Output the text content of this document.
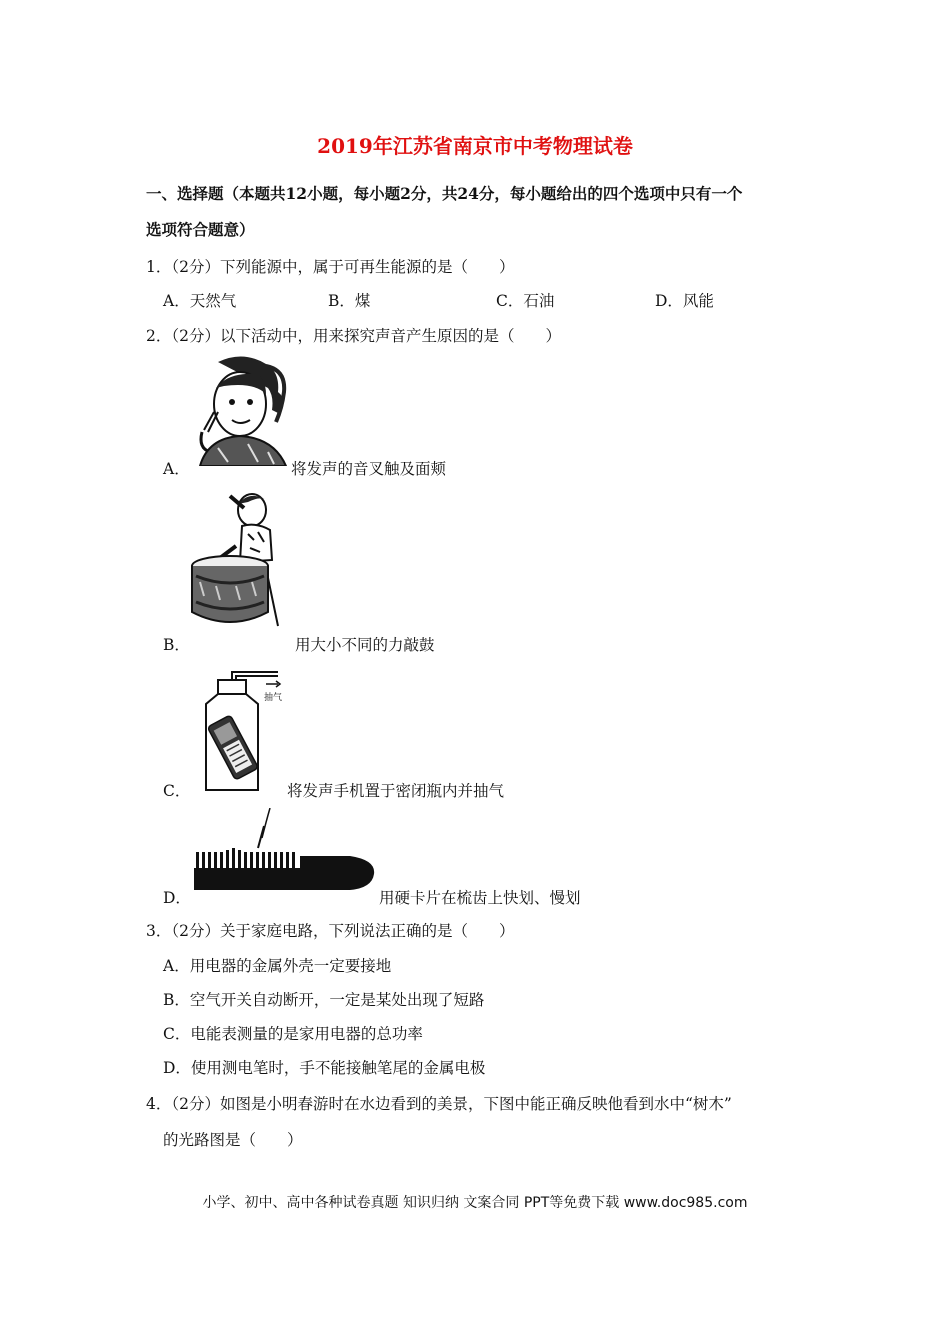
2019年江苏省南京市中考物理试卷
一、选择题（本题共12小题，每小题2分，共24分，每小题给出的四个选项中只有一个
选项符合题意）
1．（2分）下列能源中，属于可再生能源的是（　　）
A．天然气	B．煤	C．石油	D．风能
2．（2分）以下活动中，用来探究声音产生原因的是（　　）
A．	将发声的音叉触及面颊
B．	用大小不同的力敲鼓
抽气
C．	将发声手机置于密闭瓶内并抽气
D．	用硬卡片在梳齿上快划、慢划
3．（2分）关于家庭电路，下列说法正确的是（　　）
A．用电器的金属外壳一定要接地
B．空气开关自动断开，一定是某处出现了短路
C．电能表测量的是家用电器的总功率
D．使用测电笔时，手不能接触笔尾的金属电极
4．（2分）如图是小明春游时在水边看到的美景，下图中能正确反映他看到水中“树木”
的光路图是（　　）
小学、初中、高中各种试卷真题 知识归纳 文案合同 PPT等免费下载 www.doc985.com
